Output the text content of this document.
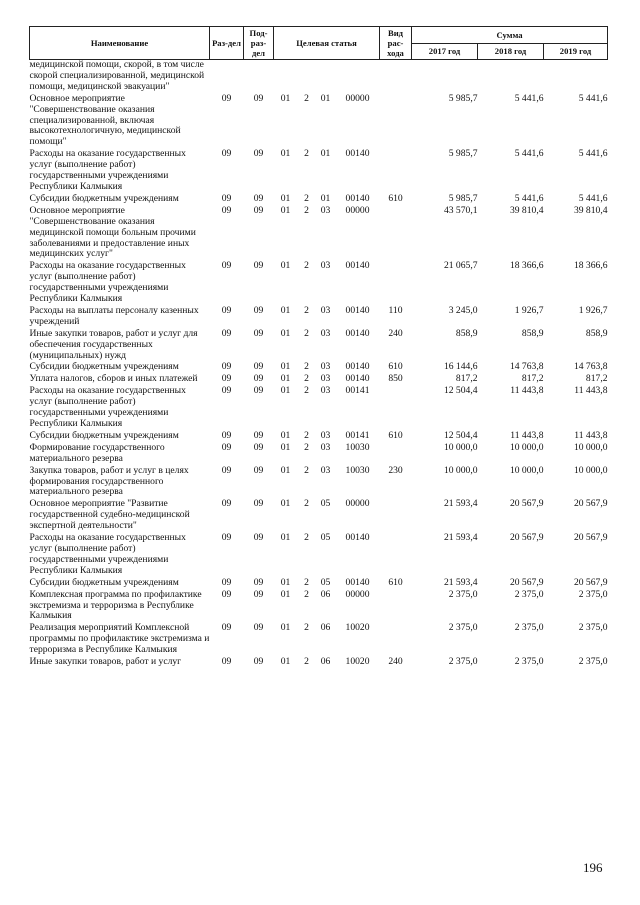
Наименование	Раз-дел	Под-раз-дел	Целевая статья				Вид рас-хода	Сумма		
								2017 год	2018 год	2019 год
медицинской помощи, скорой, в том числе скорой специализированной, медицинской помощи, медицинской эвакуации"										
Основное мероприятие "Совершенствование оказания специализированной, включая высокотехнологичную, медицинской помощи"	09	09	01	2	01	00000		5 985,7	5 441,6	5 441,6
Расходы на оказание государственных услуг (выполнение работ) государственными учреждениями Республики Калмыкия	09	09	01	2	01	00140		5 985,7	5 441,6	5 441,6
Субсидии бюджетным учреждениям	09	09	01	2	01	00140	610	5 985,7	5 441,6	5 441,6
Основное мероприятие "Совершенствование оказания медицинской помощи больным прочими заболеваниями и предоставление иных медицинских услуг"	09	09	01	2	03	00000		43 570,1	39 810,4	39 810,4
Расходы на оказание государственных услуг (выполнение работ) государственными учреждениями Республики Калмыкия	09	09	01	2	03	00140		21 065,7	18 366,6	18 366,6
Расходы на выплаты персоналу казенных учреждений	09	09	01	2	03	00140	110	3 245,0	1 926,7	1 926,7
Иные закупки товаров, работ и услуг для обеспечения государственных (муниципальных) нужд	09	09	01	2	03	00140	240	858,9	858,9	858,9
Субсидии бюджетным учреждениям	09	09	01	2	03	00140	610	16 144,6	14 763,8	14 763,8
Уплата налогов, сборов и иных платежей	09	09	01	2	03	00140	850	817,2	817,2	817,2
Расходы на оказание государственных услуг (выполнение работ) государственными учреждениями Республики Калмыкия	09	09	01	2	03	00141		12 504,4	11 443,8	11 443,8
Субсидии бюджетным учреждениям	09	09	01	2	03	00141	610	12 504,4	11 443,8	11 443,8
Формирование государственного материального резерва	09	09	01	2	03	10030		10 000,0	10 000,0	10 000,0
Закупка товаров, работ и услуг в целях формирования государственного материального резерва	09	09	01	2	03	10030	230	10 000,0	10 000,0	10 000,0
Основное мероприятие "Развитие государственной судебно-медицинской экспертной деятельности"	09	09	01	2	05	00000		21 593,4	20 567,9	20 567,9
Расходы на оказание государственных услуг (выполнение работ) государственными учреждениями Республики Калмыкия	09	09	01	2	05	00140		21 593,4	20 567,9	20 567,9
Субсидии бюджетным учреждениям	09	09	01	2	05	00140	610	21 593,4	20 567,9	20 567,9
Комплексная программа по профилактике экстремизма и терроризма в Республике Калмыкия	09	09	01	2	06	00000		2 375,0	2 375,0	2 375,0
Реализация мероприятий Комплексной программы по профилактике экстремизма и терроризма в Республике Калмыкия	09	09	01	2	06	10020		2 375,0	2 375,0	2 375,0
Иные закупки товаров, работ и услуг	09	09	01	2	06	10020	240	2 375,0	2 375,0	2 375,0
196
